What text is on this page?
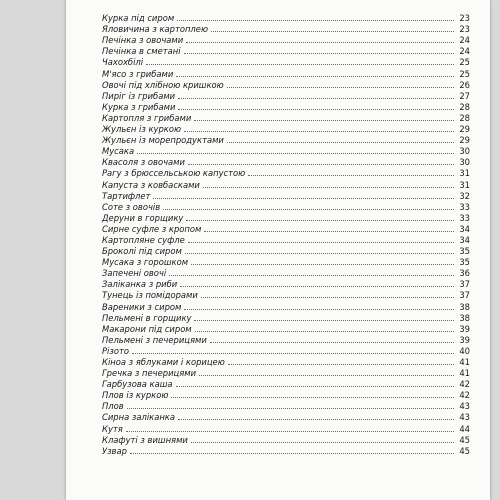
Курка під сиром	23
Яловичина з картоплею	23
Печінка з овочами	24
Печінка в сметані	24
Чахохбілі	25
М'ясо з грибами	25
Овочі під хлібною кришкою	26
Пиріг із грибами	27
Курка з грибами	28
Картопля з грибами	28
Жульєн із куркою	29
Жульєн із морепродуктами	29
Мусака	30
Квасоля з овочами	30
Рагу з брюссельською капустою	31
Капуста з ковбасками	31
Тартифлет	32
Соте з овочів	33
Деруни в горщику	33
Сирне суфле з кропом	34
Картопляне суфле	34
Броколі під сиром	35
Мусака з горошком	35
Запечені овочі	36
Заліканка з риби	37
Тунець із помідорами	37
Вареники з сиром	38
Пельмені в горщику	38
Макарони під сиром	39
Пельмені з печерицями	39
Різото	40
Кіноа з яблуками і корицею	41
Гречка з печерицями	41
Гарбузова каша	42
Плов із куркою	42
Плов	43
Сирна заліканка	43
Кутя	44
Клафуті з вишнями	45
Узвар	45
